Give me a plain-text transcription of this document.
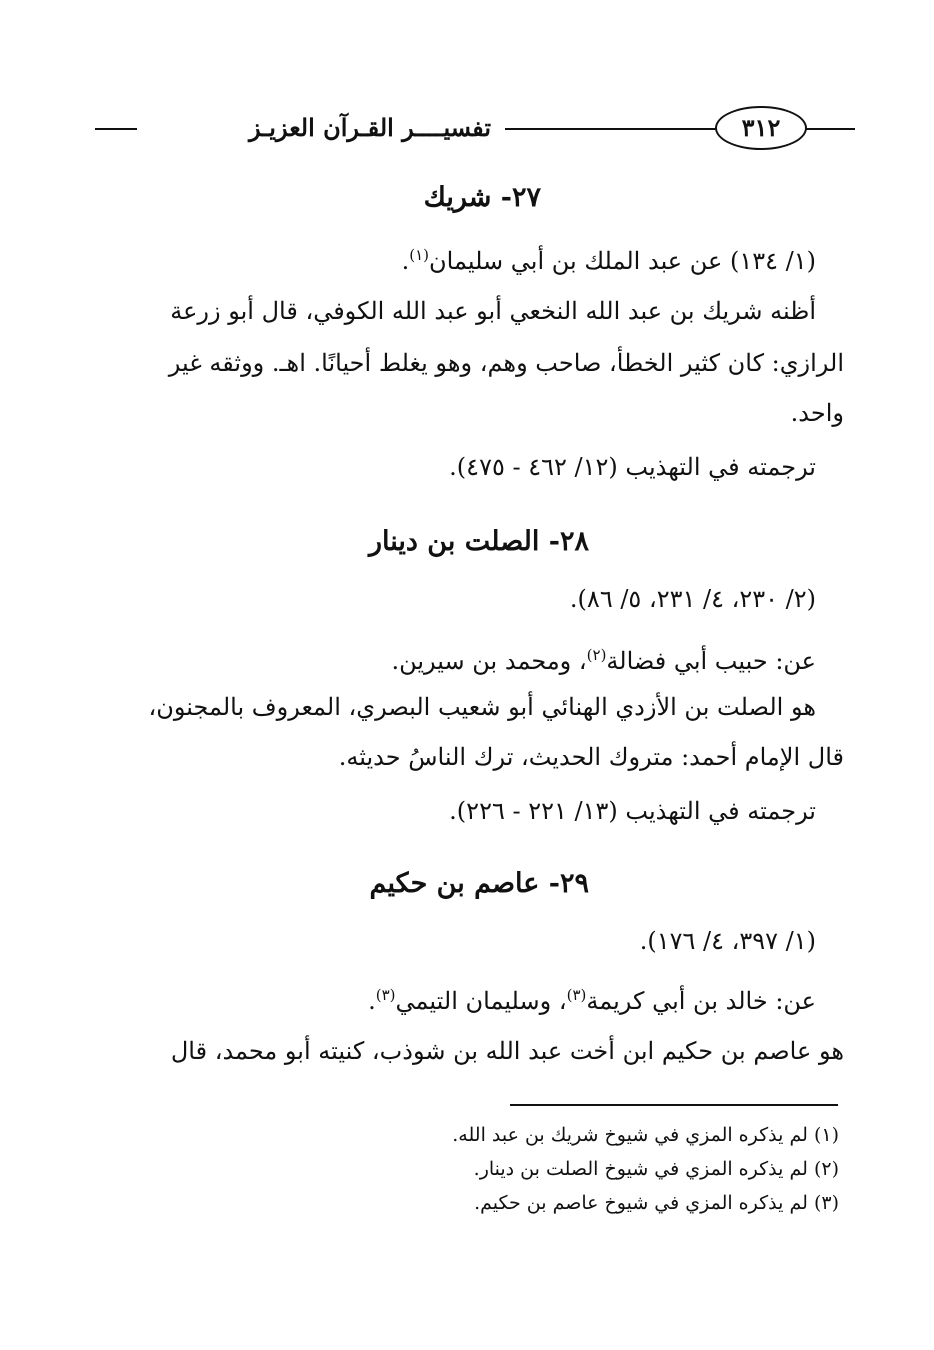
تفسيــــر القـرآن العزيـز	٣١٢
٢٧- شريك
(١/ ١٣٤) عن عبد الملك بن أبي سليمان$^{(١)}$.
أظنه شريك بن عبد الله النخعي أبو عبد الله الكوفي، قال أبو زرعة
الرازي: كان كثير الخطأ، صاحب وهم، وهو يغلط أحيانًا. اهـ. ووثقه غير
واحد.
ترجمته في التهذيب (١٢/ ٤٦٢ - ٤٧٥).
٢٨- الصلت بن دينار
(٢/ ٢٣٠، ٤/ ٢٣١، ٥/ ٨٦).
عن: حبيب أبي فضالة$^{(٢)}$، ومحمد بن سيرين.
هو الصلت بن الأزدي الهنائي أبو شعيب البصري، المعروف بالمجنون،
قال الإمام أحمد: متروك الحديث، ترك الناسُ حديثه.
ترجمته في التهذيب (١٣/ ٢٢١ - ٢٢٦).
٢٩- عاصم بن حكيم
(١/ ٣٩٧، ٤/ ١٧٦).
عن: خالد بن أبي كريمة$^{(٣)}$، وسليمان التيمي$^{(٣)}$.
هو عاصم بن حكيم ابن أخت عبد الله بن شوذب، كنيته أبو محمد، قال
(١) لم يذكره المزي في شيوخ شريك بن عبد الله.
(٢) لم يذكره المزي في شيوخ الصلت بن دينار.
(٣) لم يذكره المزي في شيوخ عاصم بن حكيم.
